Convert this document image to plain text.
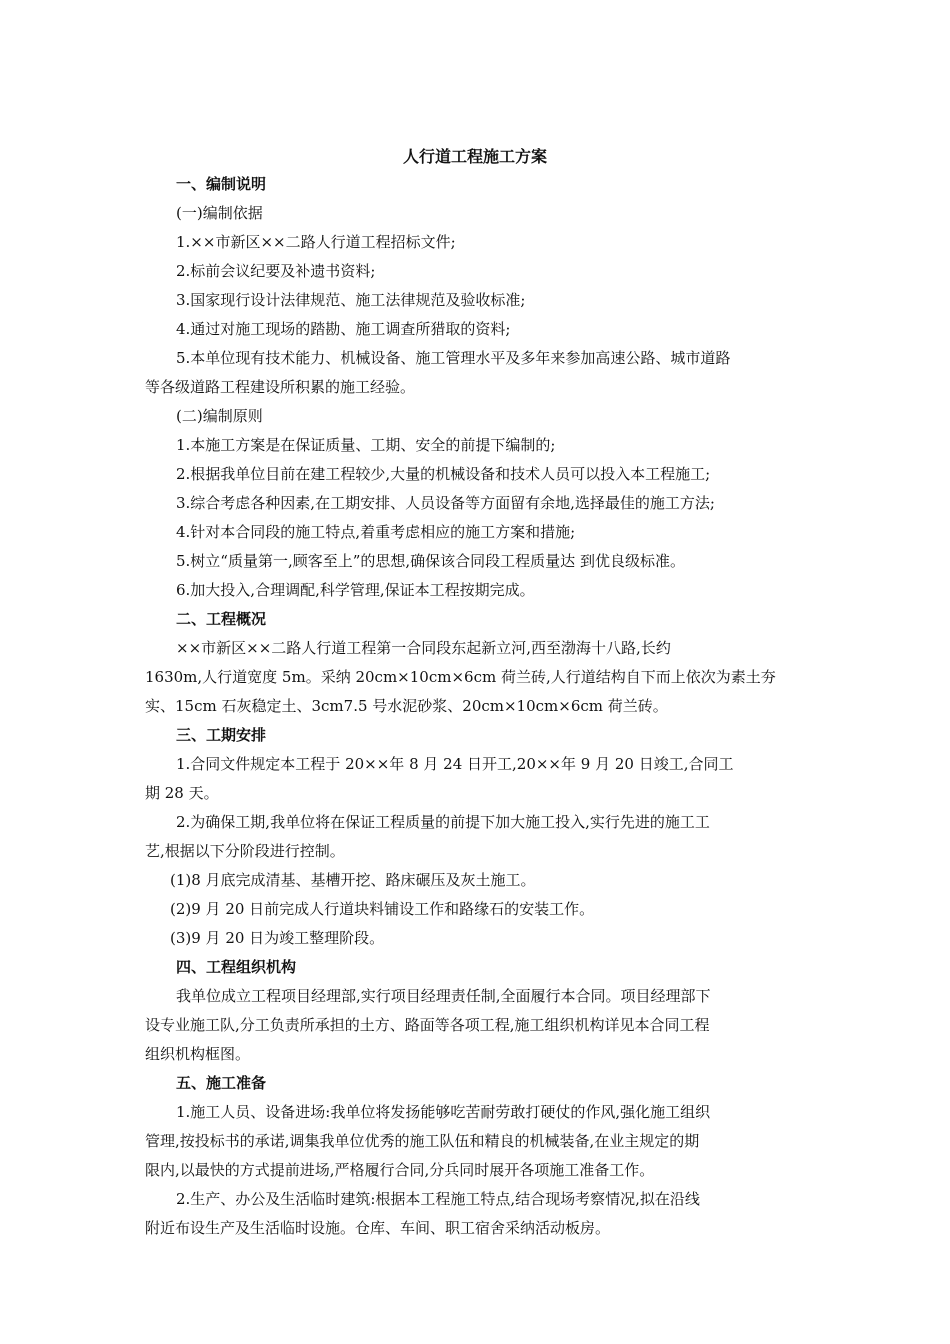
人行道工程施工方案
一、编制说明
(一)编制依据
1.××市新区××二路人行道工程招标文件;
2.标前会议纪要及补遗书资料;
3.国家现行设计法律规范、施工法律规范及验收标准;
4.通过对施工现场的踏勘、施工调查所猎取的资料;
5.本单位现有技术能力、机械设备、施工管理水平及多年来参加高速公路、城市道路
等各级道路工程建设所积累的施工经验。
(二)编制原则
1.本施工方案是在保证质量、工期、安全的前提下编制的;
2.根据我单位目前在建工程较少,大量的机械设备和技术人员可以投入本工程施工;
3.综合考虑各种因素,在工期安排、人员设备等方面留有余地,选择最佳的施工方法;
4.针对本合同段的施工特点,着重考虑相应的施工方案和措施;
5.树立“质量第一,顾客至上”的思想,确保该合同段工程质量达 到优良级标准。
6.加大投入,合理调配,科学管理,保证本工程按期完成。
二、工程概况
××市新区××二路人行道工程第一合同段东起新立河,西至渤海十八路,长约
1630m,人行道宽度 5m。采纳 20cm×10cm×6cm 荷兰砖,人行道结构自下而上依次为素土夯
实、15cm 石灰稳定土、3cm7.5 号水泥砂浆、20cm×10cm×6cm 荷兰砖。
三、工期安排
1.合同文件规定本工程于 20××年 8 月 24 日开工,20××年 9 月 20 日竣工,合同工
期 28 天。
2.为确保工期,我单位将在保证工程质量的前提下加大施工投入,实行先进的施工工
艺,根据以下分阶段进行控制。
(1)8 月底完成清基、基槽开挖、路床碾压及灰土施工。
(2)9 月 20 日前完成人行道块料铺设工作和路缘石的安装工作。
(3)9 月 20 日为竣工整理阶段。
四、工程组织机构
我单位成立工程项目经理部,实行项目经理责任制,全面履行本合同。项目经理部下
设专业施工队,分工负责所承担的土方、路面等各项工程,施工组织机构详见本合同工程
组织机构框图。
五、施工准备
1.施工人员、设备进场:我单位将发扬能够吃苦耐劳敢打硬仗的作风,强化施工组织
管理,按投标书的承诺,调集我单位优秀的施工队伍和精良的机械装备,在业主规定的期
限内,以最快的方式提前进场,严格履行合同,分兵同时展开各项施工准备工作。
2.生产、办公及生活临时建筑:根据本工程施工特点,结合现场考察情况,拟在沿线
附近布设生产及生活临时设施。仓库、车间、职工宿舍采纳活动板房。
